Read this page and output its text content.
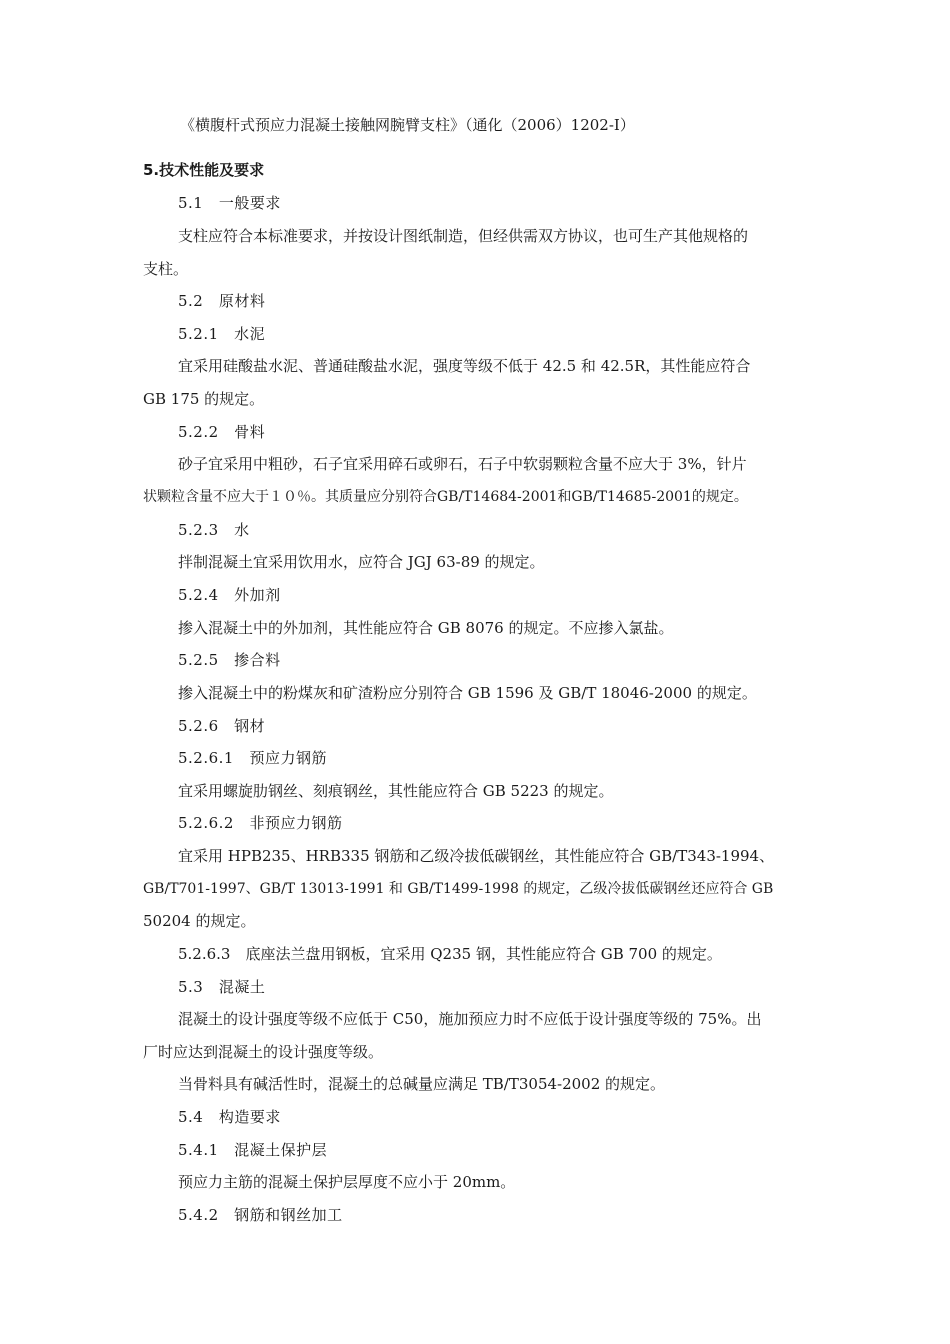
《横腹杆式预应力混凝土接触网腕臂支柱》（通化（2006）1202-Ⅰ）
5.技术性能及要求
5.1　一般要求
支柱应符合本标准要求，并按设计图纸制造，但经供需双方协议，也可生产其他规格的
支柱。
5.2　原材料
5.2.1　水泥
宜采用硅酸盐水泥、普通硅酸盐水泥，强度等级不低于 42.5 和 42.5R，其性能应符合
GB 175 的规定。
5.2.2　骨料
砂子宜采用中粗砂，石子宜采用碎石或卵石，石子中软弱颗粒含量不应大于 3%，针片
状颗粒含量不应大于１０％。其质量应分别符合GB/T14684-2001和GB/T14685-2001的规定。
5.2.3　水
拌制混凝土宜采用饮用水，应符合 JGJ 63-89 的规定。
5.2.4　外加剂
掺入混凝土中的外加剂，其性能应符合 GB 8076 的规定。不应掺入氯盐。
5.2.5　掺合料
掺入混凝土中的粉煤灰和矿渣粉应分别符合 GB 1596 及 GB/T 18046-2000 的规定。
5.2.6　钢材
5.2.6.1　预应力钢筋
宜采用螺旋肋钢丝、刻痕钢丝，其性能应符合 GB 5223 的规定。
5.2.6.2　非预应力钢筋
宜采用 HPB235、HRB335 钢筋和乙级冷拔低碳钢丝，其性能应符合 GB/T343-1994、
GB/T701-1997、GB/T 13013-1991 和 GB/T1499-1998 的规定，乙级冷拔低碳钢丝还应符合 GB
50204 的规定。
5.2.6.3　底座法兰盘用钢板，宜采用 Q235 钢，其性能应符合 GB 700 的规定。
5.3　混凝土
混凝土的设计强度等级不应低于 C50，施加预应力时不应低于设计强度等级的 75%。出
厂时应达到混凝土的设计强度等级。
当骨料具有碱活性时，混凝土的总碱量应满足 TB/T3054-2002 的规定。
5.4　构造要求
5.4.1　混凝土保护层
预应力主筋的混凝土保护层厚度不应小于 20mm。
5.4.2　钢筋和钢丝加工
